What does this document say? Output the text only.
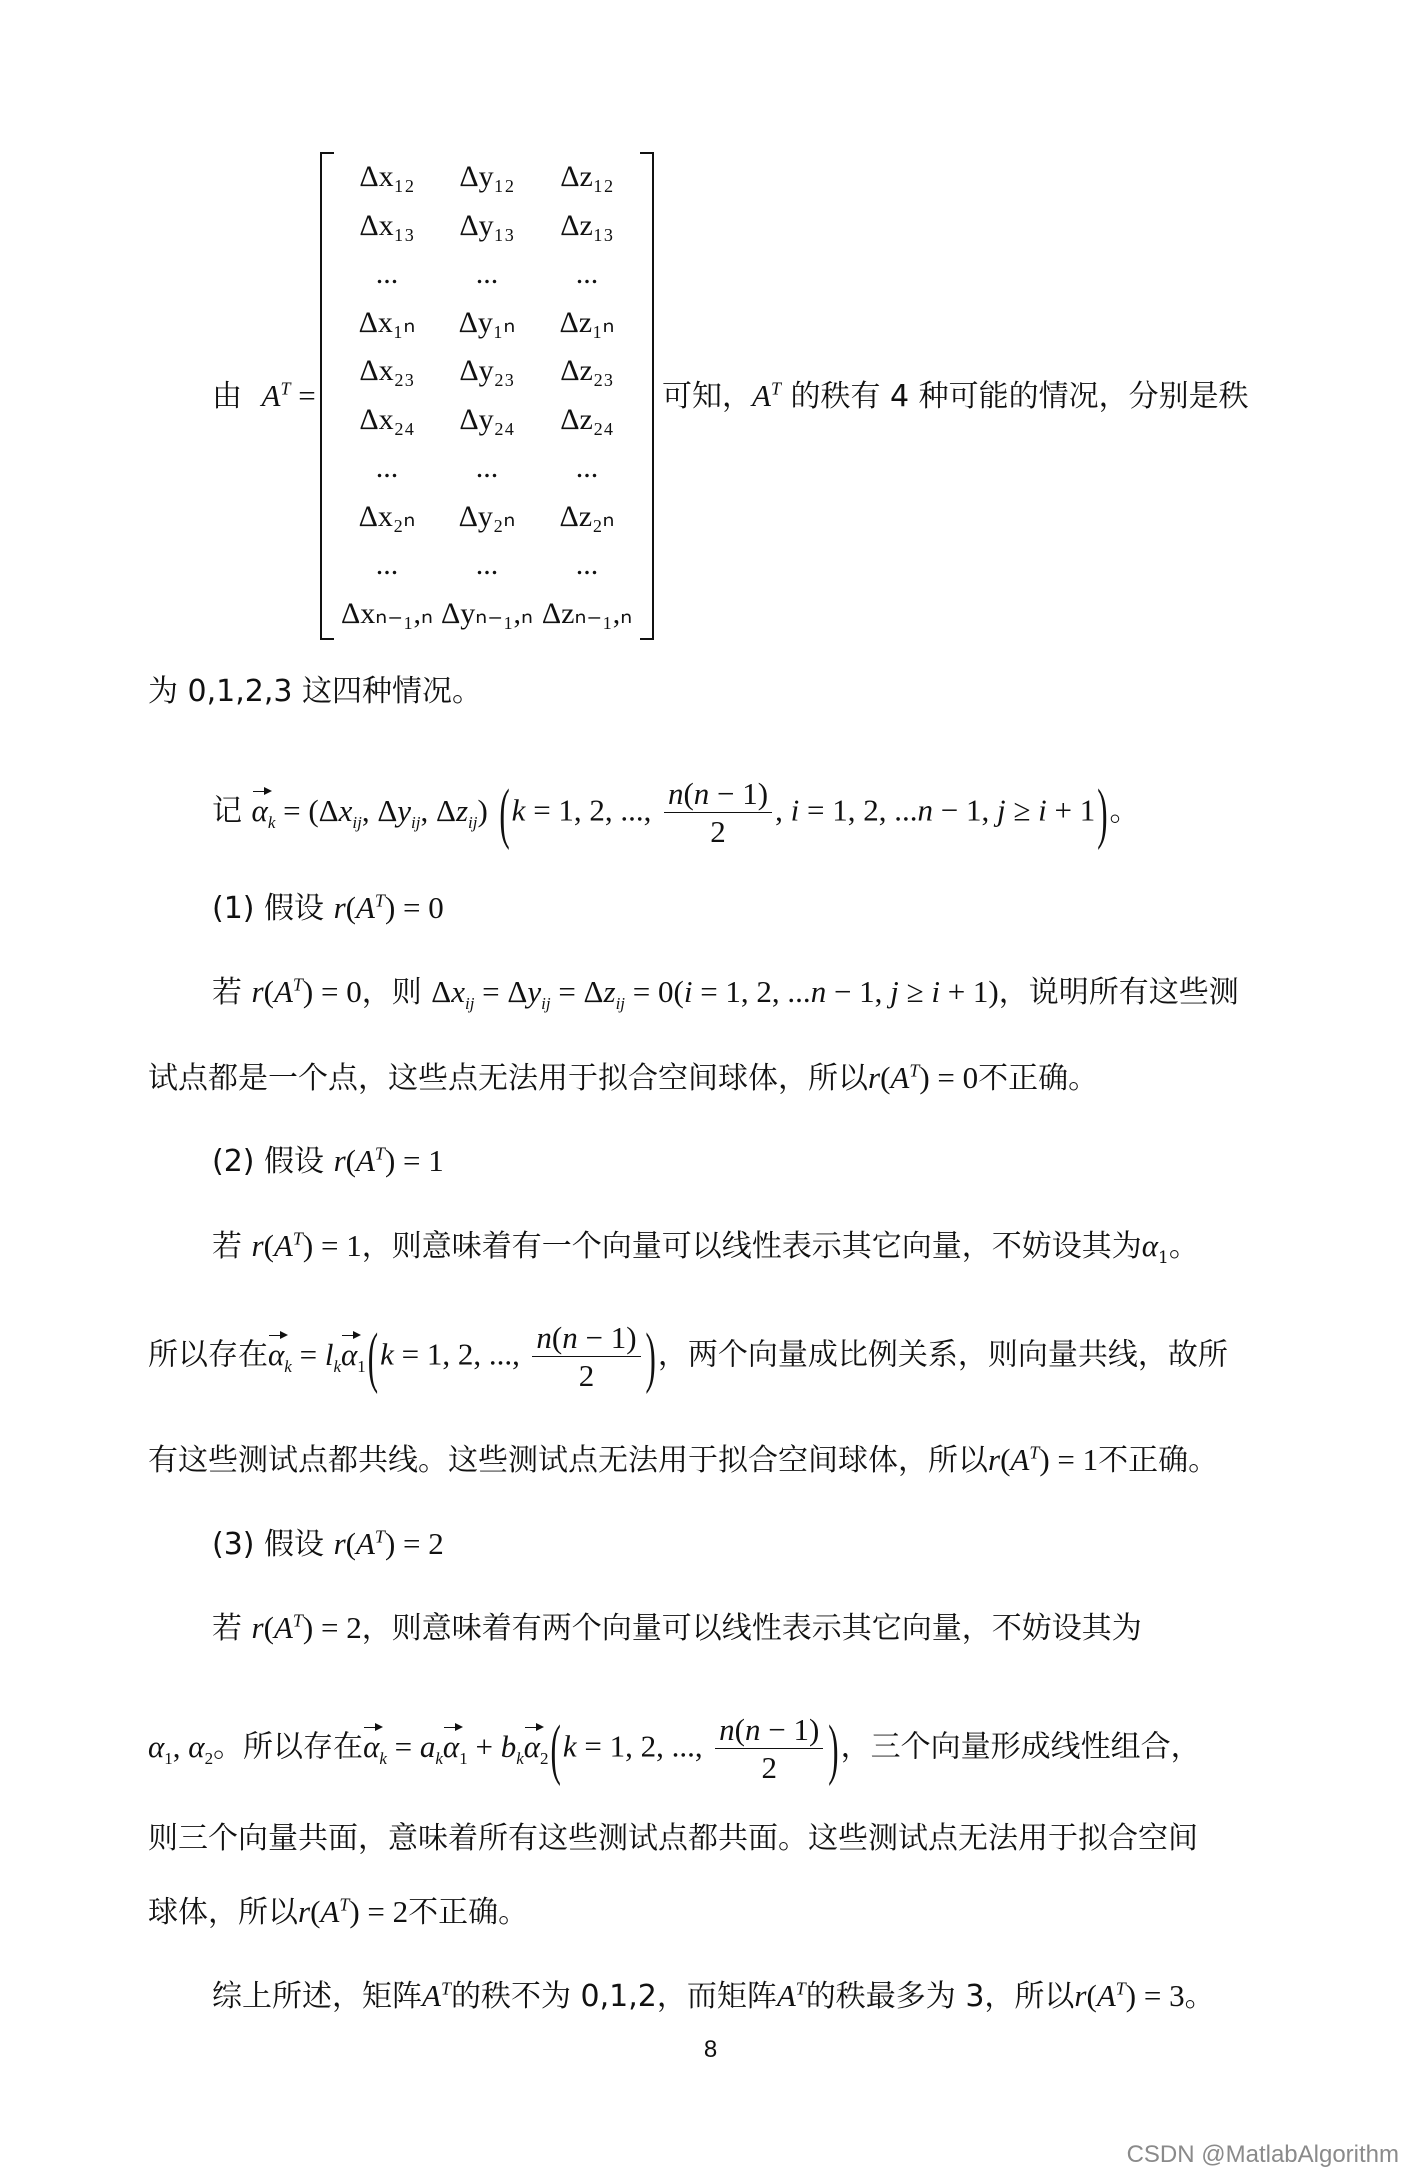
由 $A^T$ =
Δx₁₂	Δy₁₂	Δz₁₂
Δx₁₃	Δy₁₃	Δz₁₃
...	...	...
Δx₁ₙ	Δy₁ₙ	Δz₁ₙ
Δx₂₃	Δy₂₃	Δz₂₃
Δx₂₄	Δy₂₄	Δz₂₄
...	...	...
Δx₂ₙ	Δy₂ₙ	Δz₂ₙ
...	...	...
Δxₙ₋₁,ₙ Δyₙ₋₁,ₙ Δzₙ₋₁,ₙ
可知，$A^T$ 的秩有 4 种可能的情况，分别是秩
为 0,1,2,3 这四种情况。
记 $\alpha_k = (\Delta x_{ij}$, $\Delta y_{ij}$, $\Delta z_{ij}$) (k = 1, 2, ..., $\frac{n(n - 1)}{2}$ , i = 1, 2, ...n − 1, j ≥ i + 1)。
(1) 假设 $r(A^T) = 0$
若 $r(A^T) = 0$，则 $\Delta x_{ij} = \Delta y_{ij} = \Delta z_{ij} = 0(i = 1$, 2, ...n − 1, j ≥ i + 1)，说明所有这些测
试点都是一个点，这些点无法用于拟合空间球体，所以$r(A^T) = 0$不正确。
(2) 假设 $r(A^T) = 1$
若 $r(A^T) = 1$，则意味着有一个向量可以线性表示其它向量，不妨设其为$\alpha_1$。
所以存在$\alpha_k = l_k\alpha_1(k = 1$, 2, ..., $\frac{n(n - 1)}{2}$ )，两个向量成比例关系，则向量共线，故所
有这些测试点都共线。这些测试点无法用于拟合空间球体，所以$r(A^T) = 1$不正确。
(3) 假设 $r(A^T) = 2$
若 $r(A^T) = 2$，则意味着有两个向量可以线性表示其它向量，不妨设其为
$\alpha_1$, $\alpha_2$。所以存在$\alpha_k = a_k\alpha_1 + b_k\alpha_2(k = 1$, 2, ..., $\frac{n(n - 1)}{2}$ )，三个向量形成线性组合，
则三个向量共面，意味着所有这些测试点都共面。这些测试点无法用于拟合空间
球体，所以$r(A^T) = 2$不正确。
综上所述，矩阵$A^T$的秩不为 0,1,2，而矩阵$A^T$的秩最多为 3，所以$r(A^T) = 3$。
8
CSDN @MatlabAlgorithm
